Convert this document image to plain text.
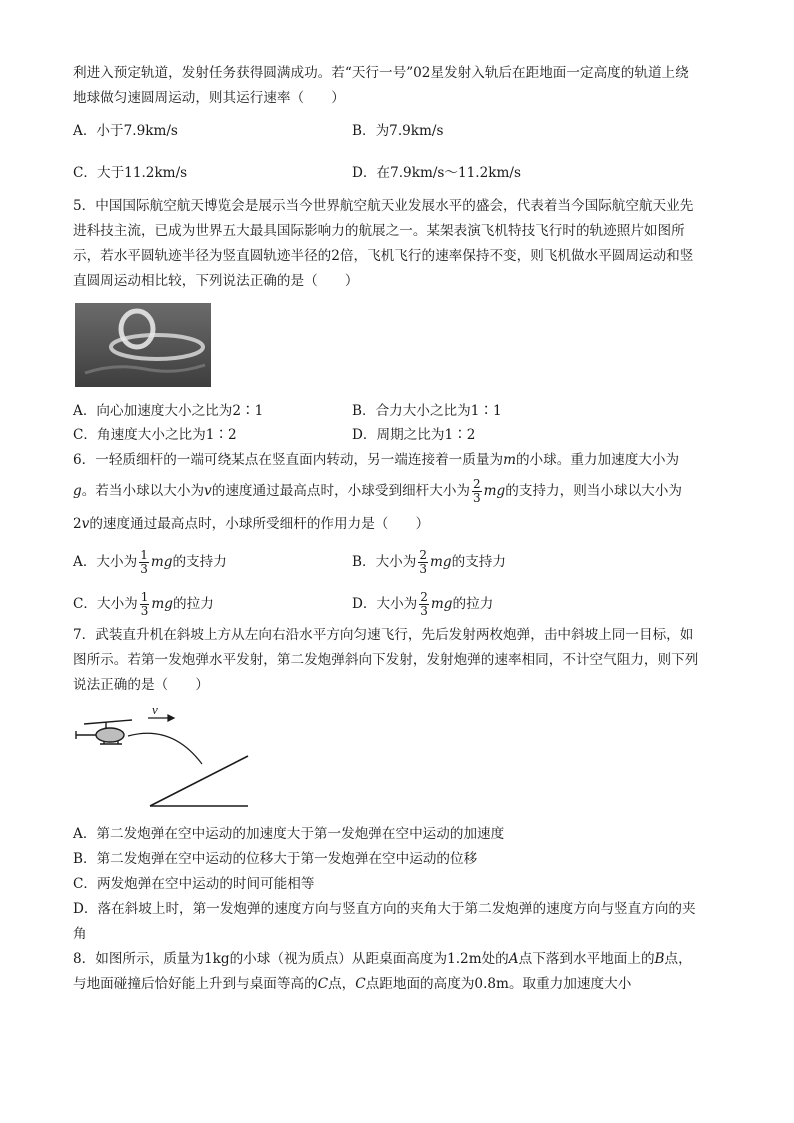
利进入预定轨道，发射任务获得圆满成功。若“天行一号”02星发射入轨后在距地面一定高度的轨道上绕
地球做匀速圆周运动，则其运行速率（　　）
A．小于7.9km/s	B．为7.9km/s
C．大于11.2km/s	D．在7.9km/s～11.2km/s
5．中国国际航空航天博览会是展示当今世界航空航天业发展水平的盛会，代表着当今国际航空航天业先
进科技主流，已成为世界五大最具国际影响力的航展之一。某架表演飞机特技飞行时的轨迹照片如图所
示，若水平圆轨迹半径为竖直圆轨迹半径的2倍，飞机飞行的速率保持不变，则飞机做水平圆周运动和竖
直圆周运动相比较，下列说法正确的是（　　）
A．向心加速度大小之比为2∶1	B．合力大小之比为1∶1
C．角速度大小之比为1∶2	D．周期之比为1∶2
6．一轻质细杆的一端可绕某点在竖直面内转动，另一端连接着一质量为m的小球。重力加速度大小为
g。若当小球以大小为v的速度通过最高点时，小球受到细杆大小为 $\frac{2}{3}$ mg的支持力，则当小球以大小为
2v的速度通过最高点时，小球所受细杆的作用力是（　　）
A．大小为 $\frac{1}{3}$ mg的支持力	B．大小为 $\frac{2}{3}$ mg的支持力
C．大小为 $\frac{1}{3}$ mg的拉力	D．大小为 $\frac{2}{3}$ mg的拉力
7．武装直升机在斜坡上方从左向右沿水平方向匀速飞行，先后发射两枚炮弹，击中斜坡上同一目标，如
图所示。若第一发炮弹水平发射，第二发炮弹斜向下发射，发射炮弹的速率相同，不计空气阻力，则下列
说法正确的是（　　）
v
A．第二发炮弹在空中运动的加速度大于第一发炮弹在空中运动的加速度
B．第二发炮弹在空中运动的位移大于第一发炮弹在空中运动的位移
C．两发炮弹在空中运动的时间可能相等
D．落在斜坡上时，第一发炮弹的速度方向与竖直方向的夹角大于第二发炮弹的速度方向与竖直方向的夹
角
8．如图所示，质量为1kg的小球（视为质点）从距桌面高度为1.2m处的A点下落到水平地面上的B点，
与地面碰撞后恰好能上升到与桌面等高的C点，C点距地面的高度为0.8m。取重力加速度大小
